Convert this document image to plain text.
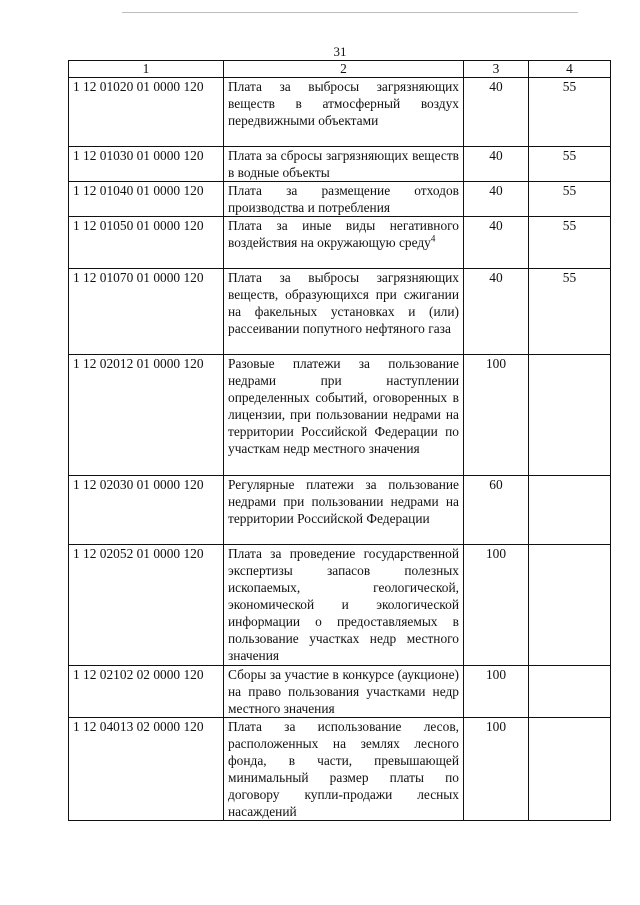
31
1	2	3	4
1 12 01020 01 0000 120	Плата за выбросы загрязняющих веществ в атмосферный воздух передвижными объектами	40	55
1 12 01030 01 0000 120	Плата за сбросы загрязняющих веществ в водные объекты	40	55
1 12 01040 01 0000 120	Плата за размещение отходов производства и потребления	40	55
1 12 01050 01 0000 120	Плата за иные виды негативного воздействия на окружающую среду$^4$	40	55
1 12 01070 01 0000 120	Плата за выбросы загрязняющих веществ, образующихся при сжигании на факельных установках и (или) рассеивании попутного нефтяного газа	40	55
1 12 02012 01 0000 120	Разовые платежи за пользование недрами при наступлении определенных событий, оговоренных в лицензии, при пользовании недрами на территории Российской Федерации по участкам недр местного значения	100	
1 12 02030 01 0000 120	Регулярные платежи за пользование недрами при пользовании недрами на территории Российской Федерации	60	
1 12 02052 01 0000 120	Плата за проведение государственной экспертизы запасов полезных ископаемых, геологической, экономической и экологической информации о предоставляемых в пользование участках недр местного значения	100	
1 12 02102 02 0000 120	Сборы за участие в конкурсе (аукционе) на право пользования участками недр местного значения	100	
1 12 04013 02 0000 120	Плата за использование лесов, расположенных на землях лесного фонда, в части, превышающей минимальный размер платы по договору купли-продажи лесных насаждений	100	
